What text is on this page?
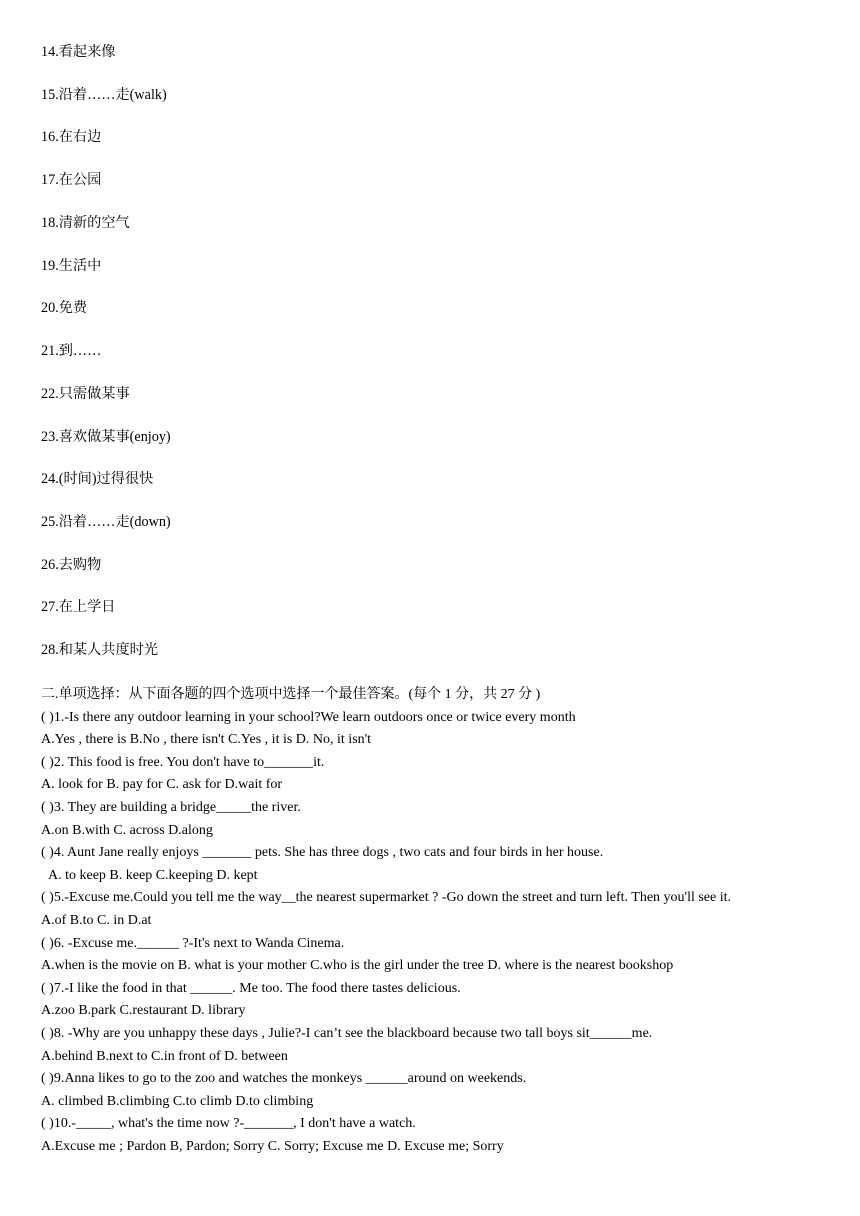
14.看起来像
15.沿着……走(walk)
16.在右边
17.在公园
18.清新的空气
19.生活中
20.免费
21.到……
22.只需做某事
23.喜欢做某事(enjoy)
24.(时间)过得很快
25.沿着……走(down)
26.去购物
27.在上学日
28.和某人共度时光
二.单项选择：从下面各题的四个选项中选择一个最佳答案。(每个 1 分，共 27 分 )
( )1.-Is there any outdoor learning in your school?We learn outdoors once or twice every month
A.Yes , there is B.No , there isn't C.Yes , it is D. No, it isn't
( )2. This food is free. You don't have to_______it.
A. look for B. pay for C. ask for D.wait for
( )3. They are building a bridge_____the river.
A.on B.with C. across D.along
( )4. Aunt Jane really enjoys _______ pets. She has three dogs , two cats and four birds in her house.
A. to keep B. keep C.keeping D. kept
( )5.-Excuse me.Could you tell me the way__the nearest supermarket ? -Go down the street and turn left. Then you'll see it.
A.of B.to C. in D.at
( )6. -Excuse me.______ ?-It's next to Wanda Cinema.
A.when is the movie on B. what is your mother C.who is the girl under the tree D. where is the nearest bookshop
( )7.-I like the food in that ______. Me too. The food there tastes delicious.
A.zoo B.park C.restaurant D. library
( )8. -Why are you unhappy these days , Julie?-I can’t see the blackboard because two tall boys sit______me.
A.behind B.next to C.in front of D. between
( )9.Anna likes to go to the zoo and watches the monkeys ______around on weekends.
A. climbed B.climbing C.to climb D.to climbing
( )10.-_____, what's the time now ?-_______, I don't have a watch.
A.Excuse me ; Pardon B, Pardon; Sorry C. Sorry; Excuse me D. Excuse me; Sorry
